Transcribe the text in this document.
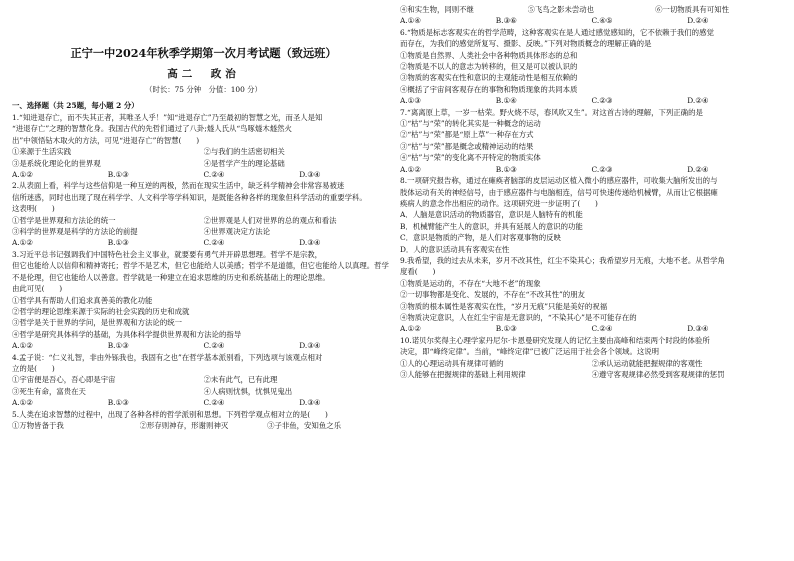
正宁一中2024年秋季学期第一次月考试题（致远班）
高二　政治
（时长：75 分钟　分值：100 分）
一、选择题（共 25题，每小题 2 分）
1.“知进退存亡，而不失其正者，其唯圣人乎！”知“进退存亡”乃至最初的智慧之光，而圣人是知
“进退存亡”之理的智慧化身。我国古代的先哲们通过了八卦;燧人氏从“鸟啄燧木燧然火
出”中领悟钻木取火的方法，可见“进退存亡”的智慧(　　)
①来源于生活实践	②与我们的生活密切相关
③是系统化理论化的世界观	④是哲学产生的理论基础
A.①②	B.①③	C.②④	D.③④
2.从表面上看，科学与这些信仰是一种互逆的两极，然而在现实生活中，缺乏科学精神会非常容易被迷
信所迷惑，同时也出现了现在科学学、人文科学等学科知识，是既能各种各样的现象但科学活动的重要学科。
这表明(　　)
①哲学是世界观和方法论的统一	②世界观是人们对世界的总的观点和看法
③科学的世界观是科学的方法论的前提	④世界观决定方法论
A.①②	B.①③	C.②④	D.③④
3.习近平总书记强调我们中国特色社会主义事业，就要要有勇气并开辟思想理。哲学不是宗教，
但它也能给人以信仰和精神寄托；哲学不是艺术，但它也能给人以美感；哲学不是道德，但它也能给人以真理。哲学
不是伦理，但它也能给人以善意。哲学就是一种建立在追求思维的历史和系统基础上的理论思维。
由此可见(　　)
①哲学具有帮助人们追求真善美的教化功能
②哲学的理论思维来源于实际的社会实践的历史和成就
③哲学是关于世界的学问，是世界观和方法论的统一
④哲学是研究具体科学的基础，为具体科学提供世界观和方法论的指导
A.①②	B.①③	C.②④	D.③④
4.孟子说：“仁义礼智，非由外铄我也，我固有之也”在哲学基本派别看，下列选项与该观点相对
立的是(　　)
①宇宙便是吾心，吾心即是宇宙	②未有此气，已有此理
③死生有命，富贵在天	④人病则忧惧，忧惧见鬼出
A.①②	B.①③	C.②④	D.③④
5.人类在追求智慧的过程中，出现了各种各样的哲学派别和思想。下列哲学观点相对立的是(　　)
①万物皆备于我	②形存则神存，形谢则神灭	③子非鱼，安知鱼之乐
④和实生物，同则不继	⑤飞鸟之影未尝动也	⑥一切物质具有可知性
A.①④	B.③⑥	C.④⑤	D.②④
6.“物质是标志客观实在的哲学范畴，这种客观实在是人通过感觉感知的，它不依赖于我们的感觉
而存在，为我们的感觉所复写、摄影、反映。”下列对物质概念的理解正确的是
①物质是自然界、人类社会中各种物质具体形态的总和
②物质是不以人的意志为转移的，但又是可以被认识的
③物质的客观实在性和意识的主观能动性是相互依赖的
④概括了宇宙间客观存在的事物和物质现象的共同本质
A.①③	B.①④	C.②③	D.②④
7.“离离原上草，一岁一枯荣。野火烧不尽，春风吹又生”。对这首古诗的理解，下列正确的是
①“枯”与“荣”的转化其实是一种概念的运动
②“枯”与“荣”都是“原上草”一种存在方式
③“枯”与“荣”都是概念或精神运动的结果
④“枯”与“荣”的变化离不开特定的物质实体
A.①②	B.①③	C.②③	D.②④
8.一项研究报告称，通过在瘫痪者脑部的皮层运动区植入微小的感应器件，可收集大脑所发出的与
肢体运动有关的神经信号，由于感应器件与电脑相连，信号可快速传递给机械臂，从而让它根据瘫
痪病人的意念作出相应的动作。这项研究进一步证明了(　　)
A．人脑是意识活动的物质器官，意识是人脑特有的机能
B．机械臂能产生人的意识，并具有延展人的意识的功能
C．意识是物质的产物，是人们对客观事物的反映
D．人的意识活动具有客观实在性
9.我希望，我的过去从未来，岁月不改其性，红尘不染其心；我希望岁月无痕，大地不老。从哲学角
度看(　　)
①物质是运动的，不存在“大地不老”的现象
②一切事物都是变化、发展的，不存在“不改其性”的朋友
③物质的根本属性是客观实在性，“岁月无痕”只能是美好的祝福
④物质决定意识，人在红尘宇宙是无意识的，“不染其心”是不可能存在的
A.①②	B.①③	C.②④	D.③④
10.诺贝尔奖得主心理学家丹尼尔·卡恩曼研究发现人的记忆主要由高峰和结束两个时段的体验所
决定，即“峰终定律”。当前，“峰终定律”已被广泛运用于社会各个领域。这说明
①人的心理运动具有规律可循的	②承认运动就能把握规律的客观性
③人能够在把握规律的基础上利用规律	④遵守客观规律必然受到客观规律的惩罚
